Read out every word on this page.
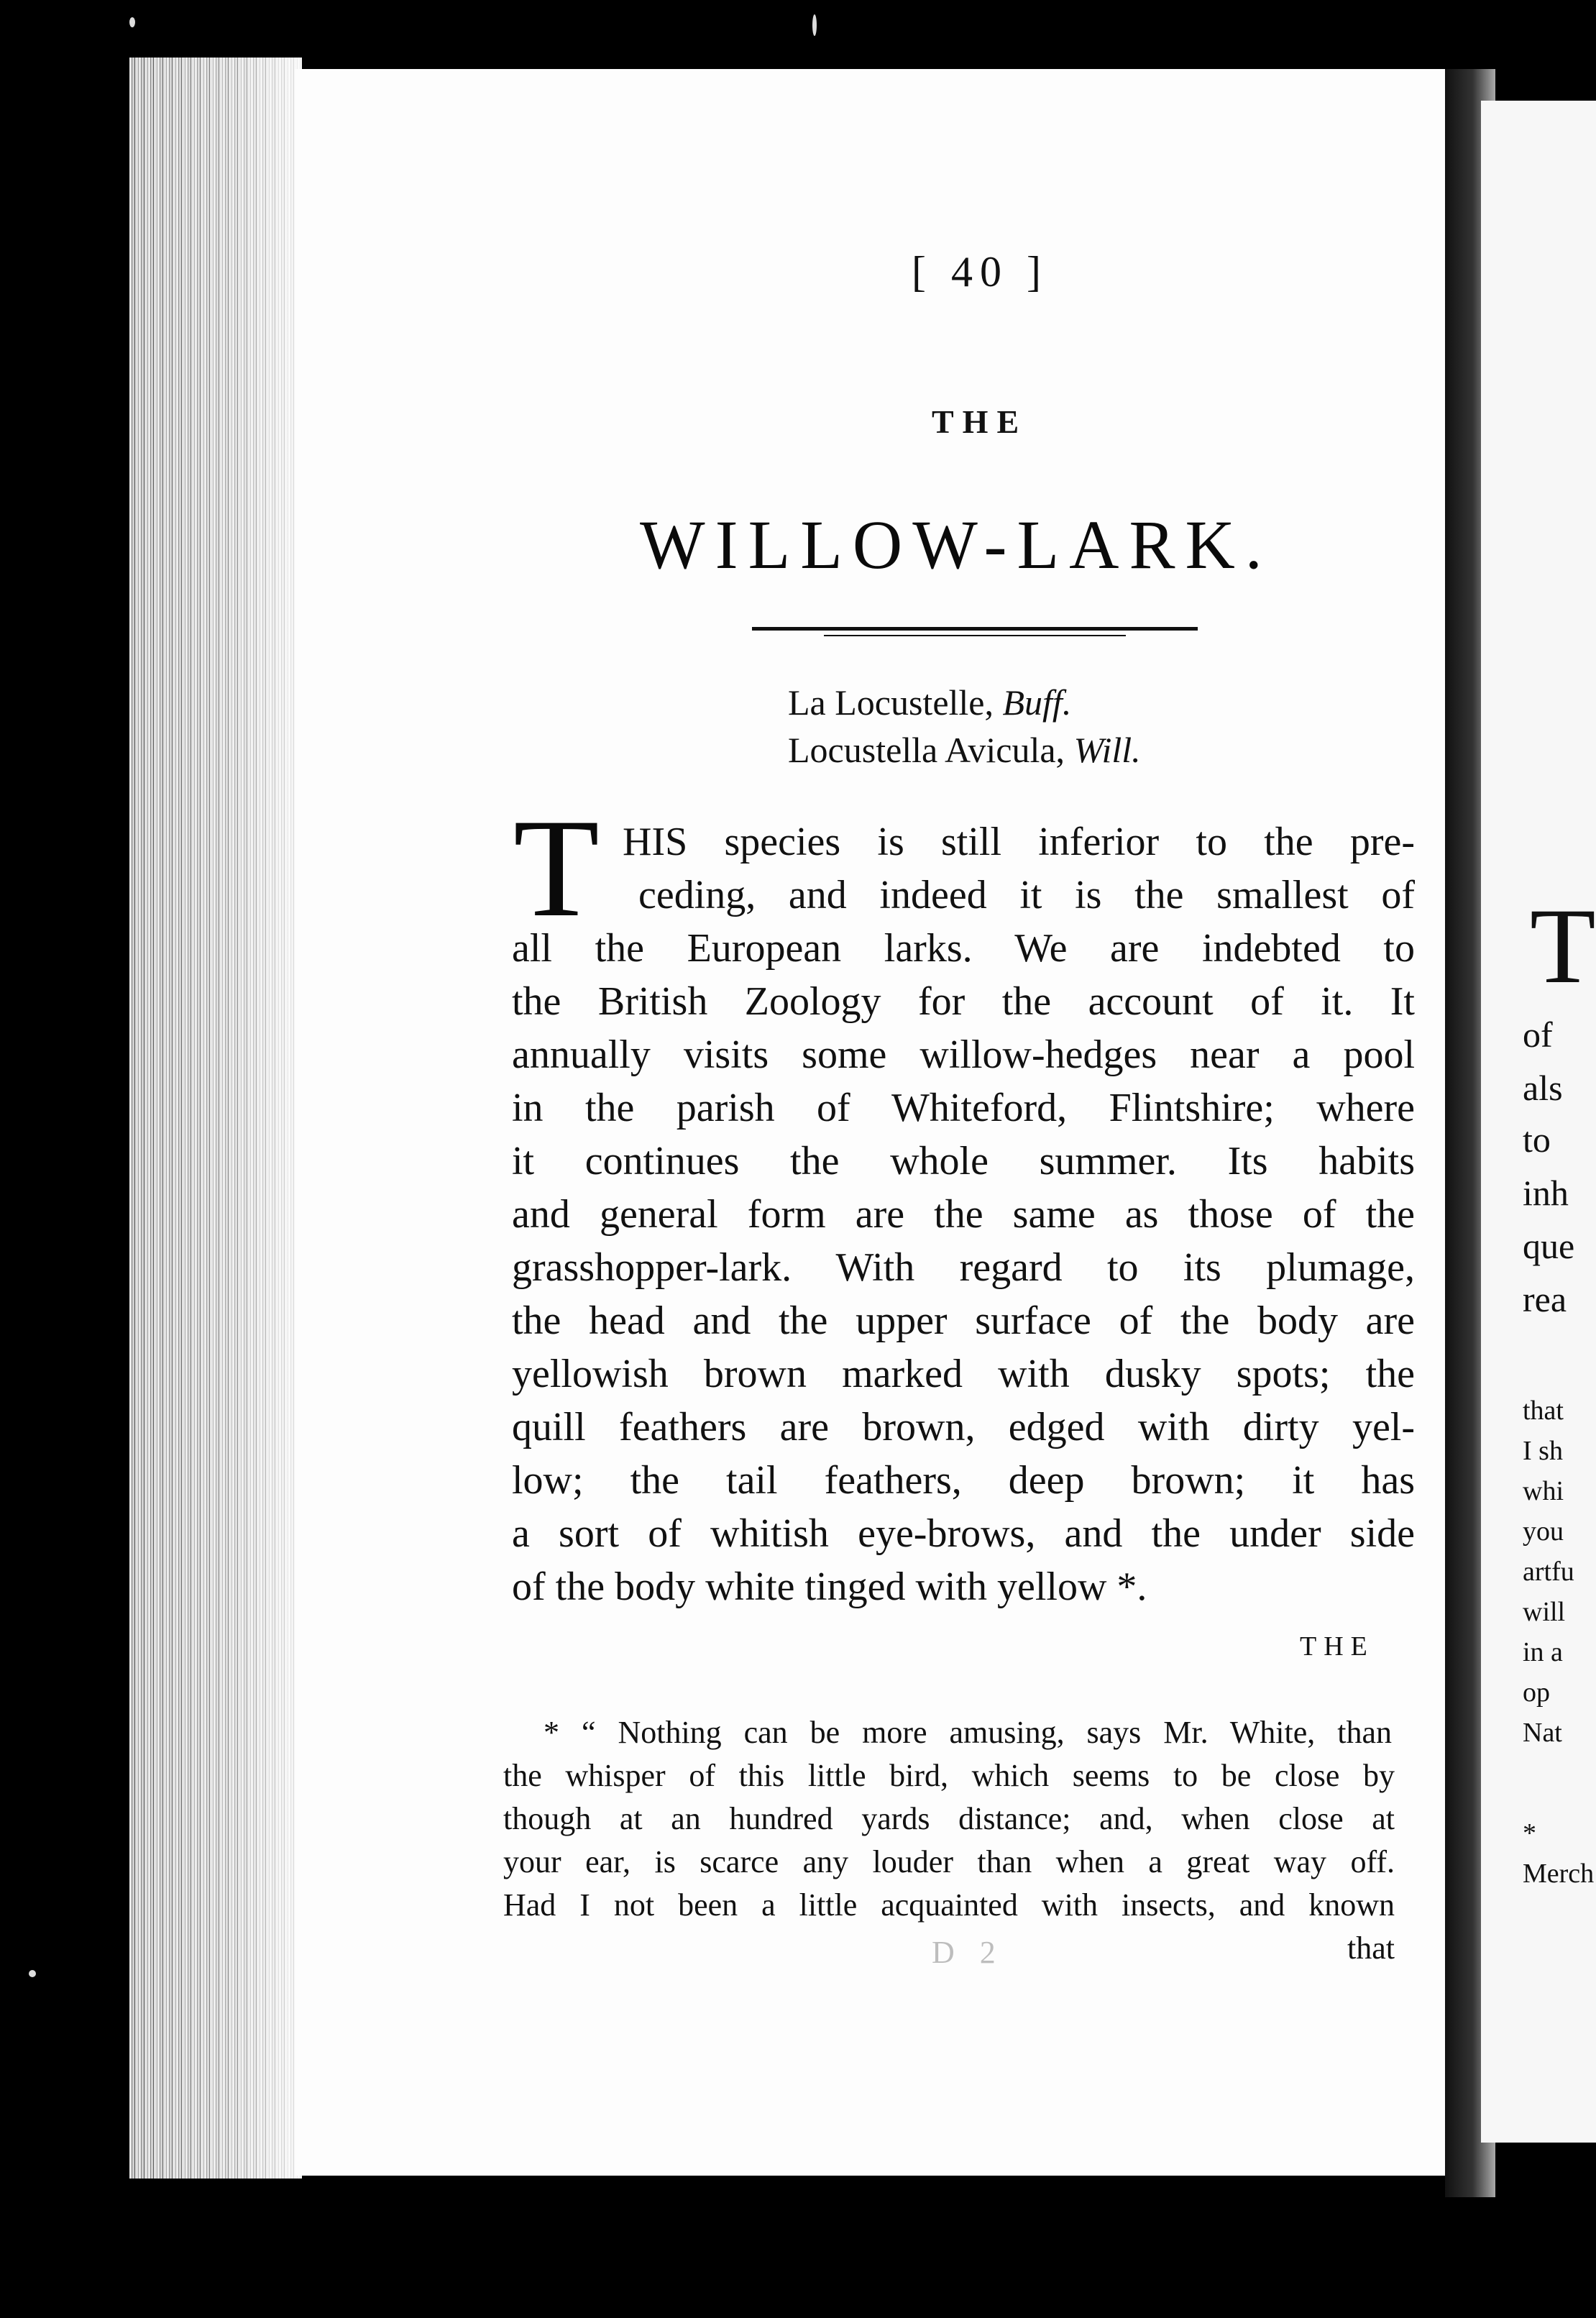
T
of
als
to
inh
que
rea
that
I sh
whi
you
artfu
will
in a
op
Nat
*
Merch
[ 40 ]
THE
WILLOW-LARK.
La Locustelle, Buff.
Locustella Avicula, Will.
T HIS species is still inferior to the pre-
ceding, and indeed it is the smallest of
all the European larks. We are indebted to
the British Zoology for the account of it. It
annually visits some willow-hedges near a pool
in the parish of Whiteford, Flintshire; where
it continues the whole summer. Its habits
and general form are the same as those of the
grasshopper-lark. With regard to its plumage,
the head and the upper surface of the body are
yellowish brown marked with dusky spots; the
quill feathers are brown, edged with dirty yel-
low; the tail feathers, deep brown; it has
a sort of whitish eye-brows, and the under side
of the body white tinged with yellow *.
THE
* “ Nothing can be more amusing, says Mr. White, than
the whisper of this little bird, which seems to be close by
though at an hundred yards distance; and, when close at
your ear, is scarce any louder than when a great way off.
Had I not been a little acquainted with insects, and known
that
D 2
